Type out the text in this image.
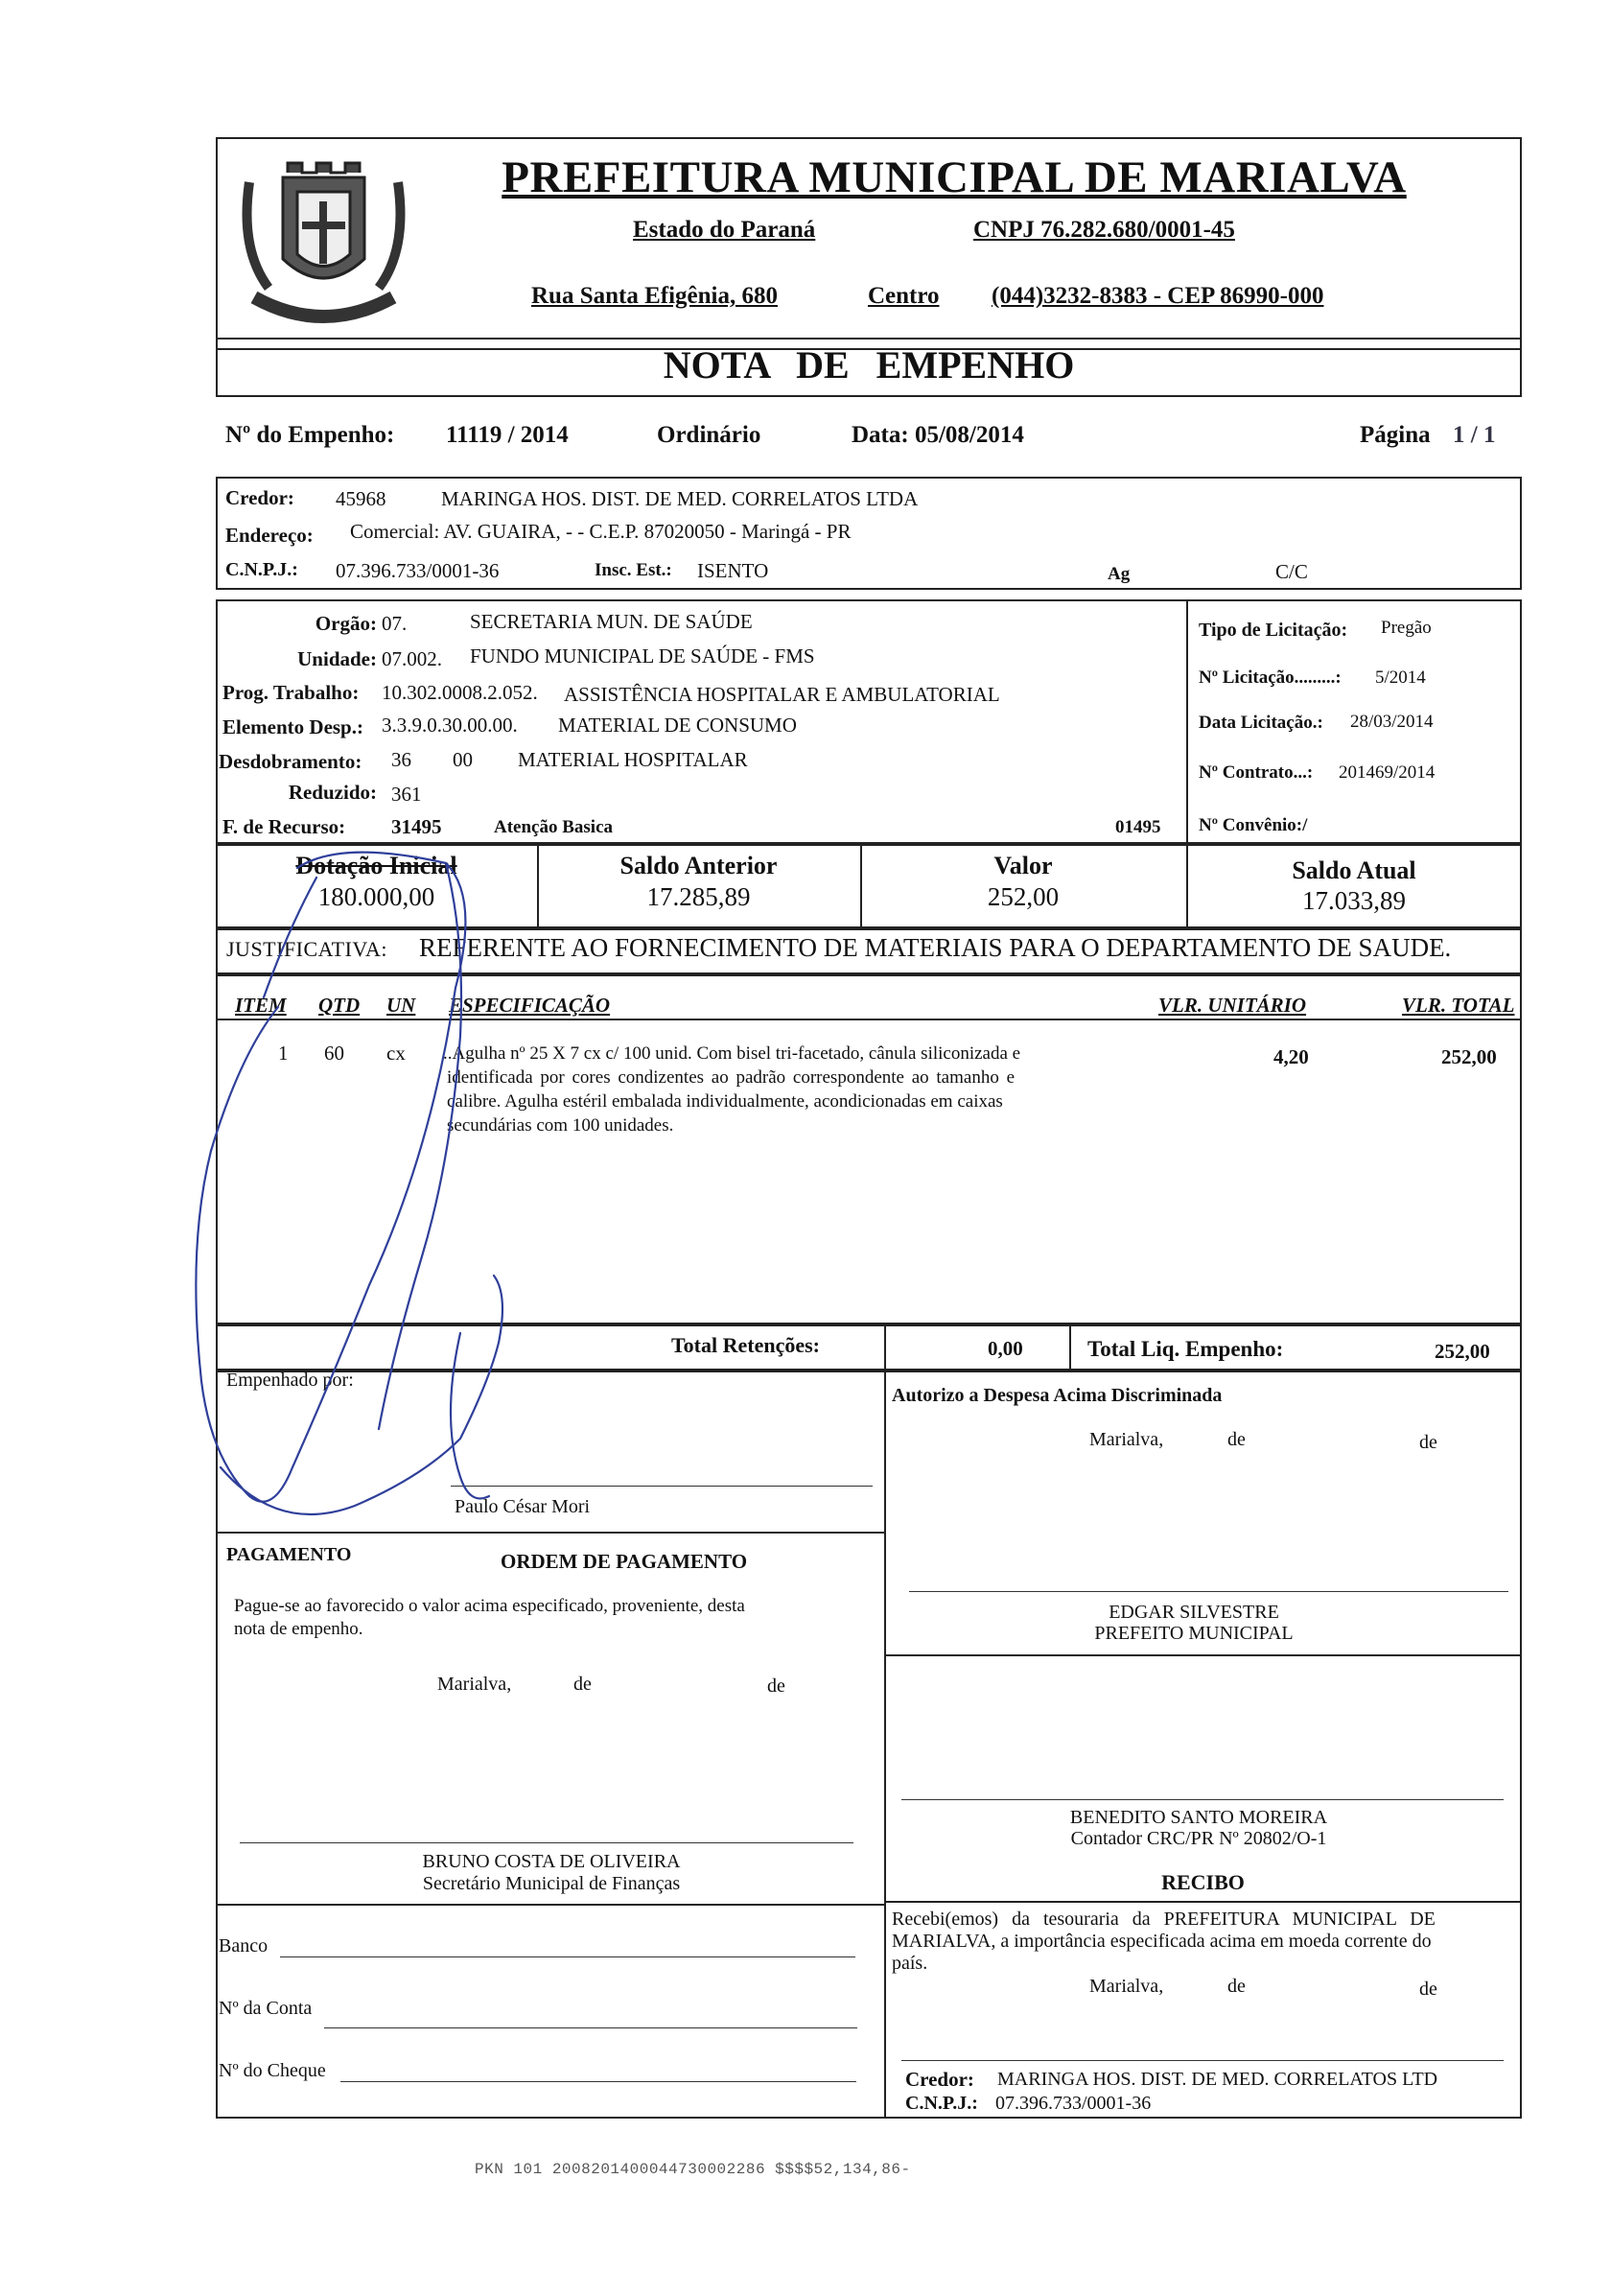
PREFEITURA MUNICIPAL DE MARIALVA
Estado do Paraná	CNPJ 76.282.680/0001-45
Rua Santa Efigênia, 680	Centro (044)3232-8383 - CEP 86990-000
NOTA DE EMPENHO
Nº do Empenho: 11119 / 2014	Ordinário	Data: 05/08/2014	Página 1 / 1
Credor: 45968	MARINGA HOS. DIST. DE MED. CORRELATOS LTDA
Endereço: Comercial: AV. GUAIRA, - - C.E.P. 87020050 - Maringá - PR
C.N.P.J.: 07.396.733/0001-36	Insc. Est.: ISENTO	Ag	C/C
Orgão: 07.	SECRETARIA MUN. DE SAÚDE
Unidade: 07.002. FUNDO MUNICIPAL DE SAÚDE - FMS
Prog. Trabalho: 10.302.0008.2.052. ASSISTÊNCIA HOSPITALAR E AMBULATORIAL
Elemento Desp.: 3.3.9.0.30.00.00. MATERIAL DE CONSUMO
Desdobramento: 36 00 MATERIAL HOSPITALAR
Reduzido: 361
F. de Recurso: 31495	Atenção Basica	01495
Tipo de Licitação: Pregão
Nº Licitação.........: 5/2014
Data Licitação.: 28/03/2014
Nº Contrato...: 201469/2014
Nº Convênio:/
Dotação Inicial
180.000,00
Saldo Anterior
17.285,89
Valor
252,00
Saldo Atual
17.033,89
JUSTIFICATIVA: REFERENTE AO FORNECIMENTO DE MATERIAIS PARA O DEPARTAMENTO DE SAUDE.
ITEM QTD UN ESPECIFICAÇÃO	VLR. UNITÁRIO	VLR. TOTAL
1 60 cx ..Agulha nº 25 X 7 cx c/ 100 unid. Com bisel tri-facetado, cânula siliconizada e
identificada por cores condizentes ao padrão correspondente ao tamanho e
calibre. Agulha estéril embalada individualmente, acondicionadas em caixas
secundárias com 100 unidades.
4,20	252,00
Total Retenções:	0,00	Total Liq. Empenho:	252,00
Empenhado por:
Paulo César Mori
Autorizo a Despesa Acima Discriminada
Marialva,	de	de
EDGAR SILVESTRE
PREFEITO MUNICIPAL
PAGAMENTO	ORDEM DE PAGAMENTO
Pague-se ao favorecido o valor acima especificado, proveniente, desta
nota de empenho.
Marialva,	de	de
BRUNO COSTA DE OLIVEIRA
Secretário Municipal de Finanças
BENEDITO SANTO MOREIRA
Contador CRC/PR Nº 20802/O-1
RECIBO
Recebi(emos) da tesouraria da PREFEITURA MUNICIPAL DE
MARIALVA, a importância especificada acima em moeda corrente do
país.
Marialva,	de	de
Credor: MARINGA HOS. DIST. DE MED. CORRELATOS LTD
C.N.P.J.: 07.396.733/0001-36
Banco
Nº da Conta
Nº do Cheque
PKN 101 2008201400044730002286 $$$$52,134,86-
